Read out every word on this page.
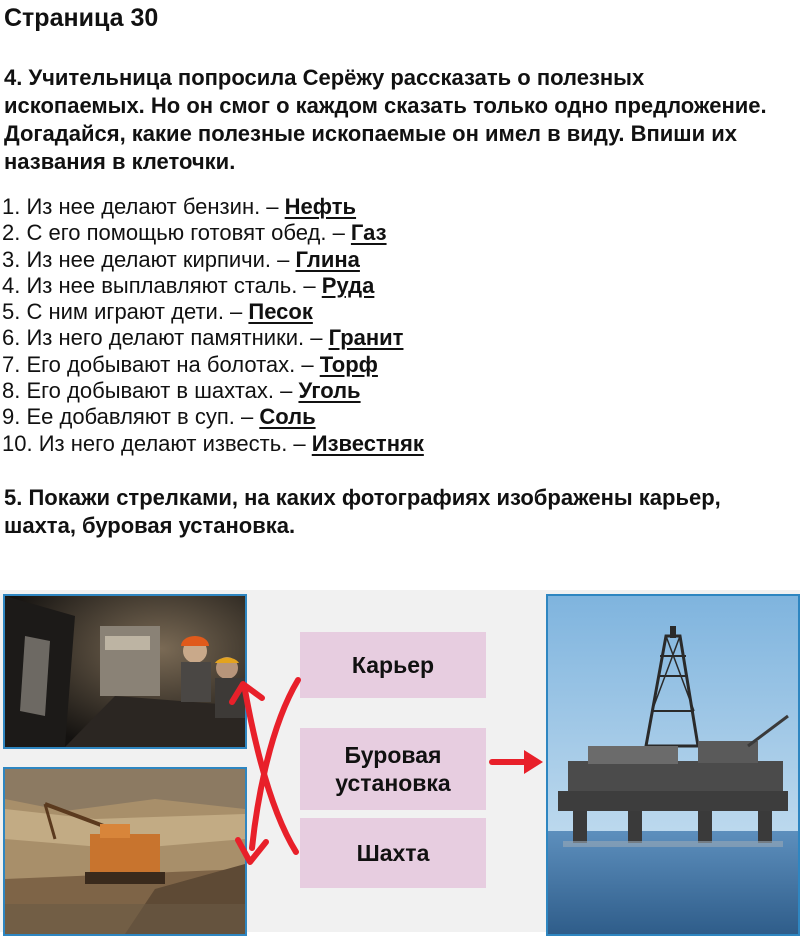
Страница 30
4. Учительница попросила Серёжу рассказать о полезных ископаемых. Но он смог о каждом сказать только одно предложение. Догадайся, какие полезные ископаемые он имел в виду. Впиши их названия в клеточки.
1. Из нее делают бензин. – Нефть
2. С его помощью готовят обед. – Газ
3. Из нее делают кирпичи. – Глина
4. Из нее выплавляют сталь. – Руда
5. С ним играют дети. – Песок
6. Из него делают памятники. – Гранит
7. Его добывают на болотах. – Торф
8. Его добывают в шахтах. – Уголь
9. Ее добавляют в суп. – Соль
10. Из него делают известь. – Известняк
5. Покажи стрелками, на каких фотографиях изображены карьер, шахта, буровая установка.
Карьер
Буровая
установка
Шахта
